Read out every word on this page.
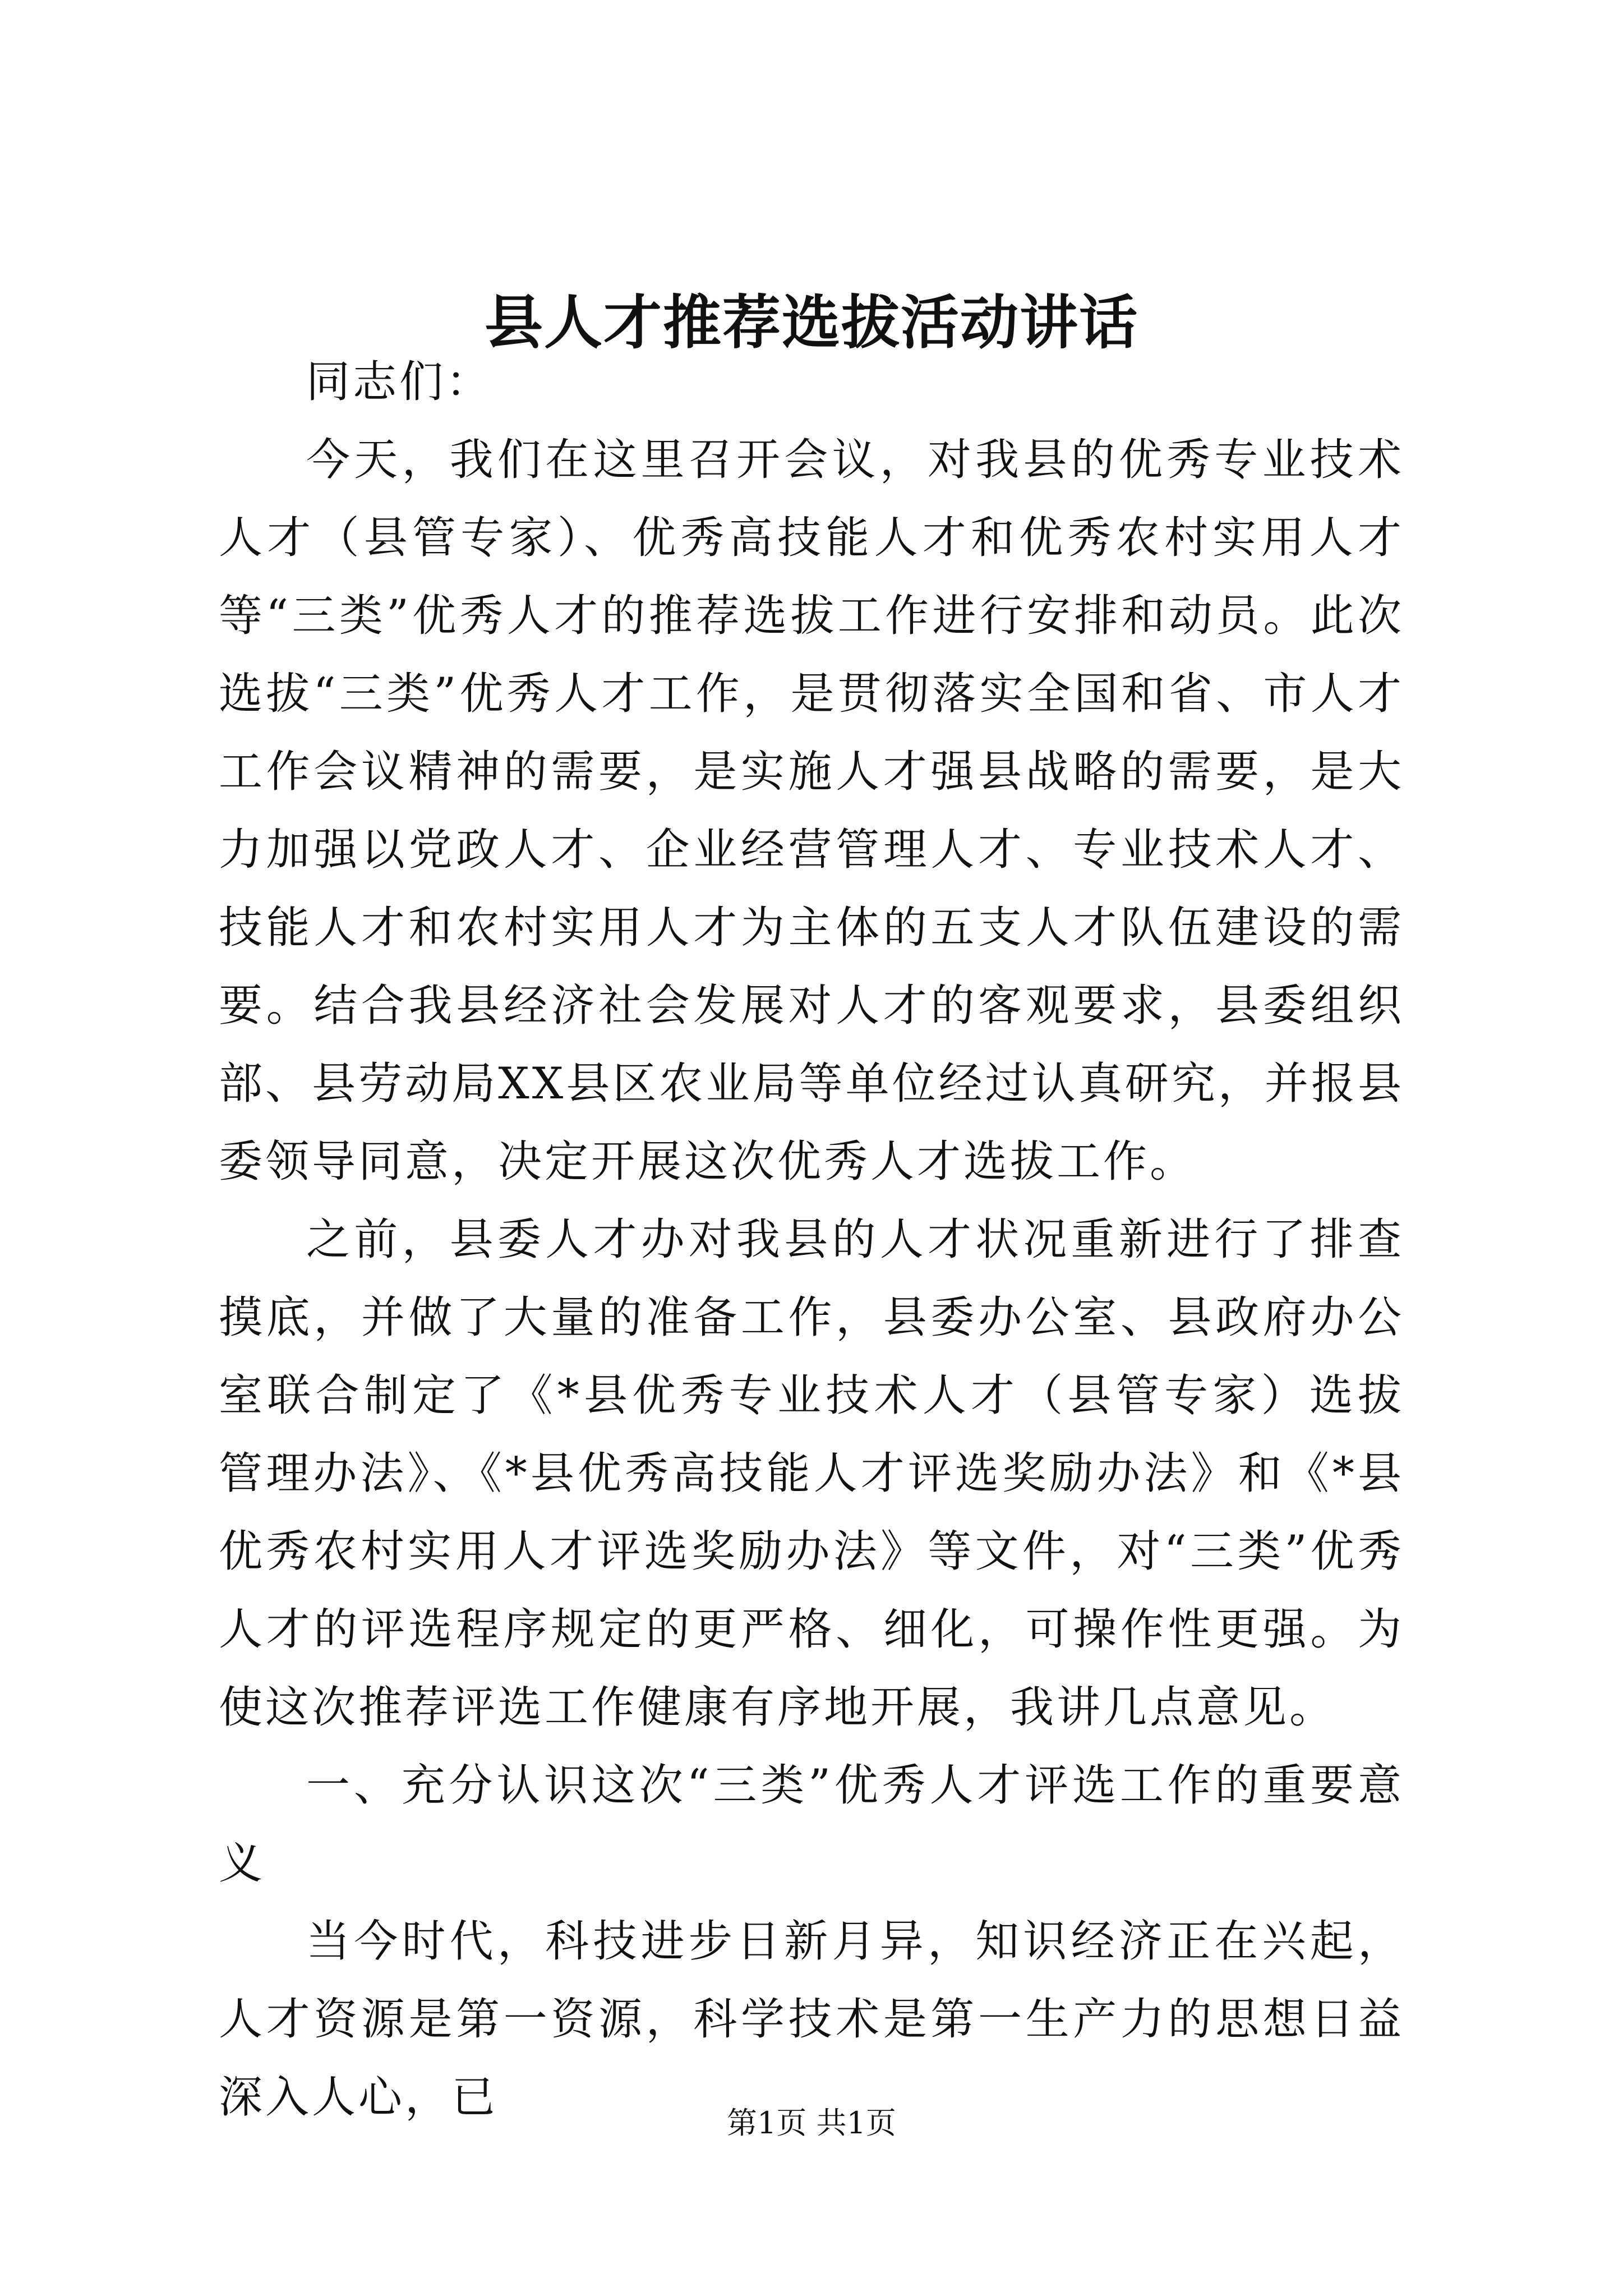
县人才推荐选拔活动讲话

同志们：

今天，我们在这里召开会议，对我县的优秀专业技术人才（县管专家）、优秀高技能人才和优秀农村实用人才等“三类”优秀人才的推荐选拔工作进行安排和动员。此次选拔“三类”优秀人才工作，是贯彻落实全国和省、市人才工作会议精神的需要，是实施人才强县战略的需要，是大力加强以党政人才、企业经营管理人才、专业技术人才、技能人才和农村实用人才为主体的五支人才队伍建设的需要。结合我县经济社会发展对人才的客观要求，县委组织部、县劳动局XX县区农业局等单位经过认真研究，并报县委领导同意，决定开展这次优秀人才选拔工作。

之前，县委人才办对我县的人才状况重新进行了排查摸底，并做了大量的准备工作，县委办公室、县政府办公室联合制定了《*县优秀专业技术人才（县管专家）选拔管理办法》、《*县优秀高技能人才评选奖励办法》和《*县优秀农村实用人才评选奖励办法》等文件，对“三类”优秀人才的评选程序规定的更严格、细化，可操作性更强。为使这次推荐评选工作健康有序地开展，我讲几点意见。

一、充分认识这次“三类”优秀人才评选工作的重要意义

当今时代，科技进步日新月异，知识经济正在兴起，人才资源是第一资源，科学技术是第一生产力的思想日益深入人心，已

第1页 共1页
